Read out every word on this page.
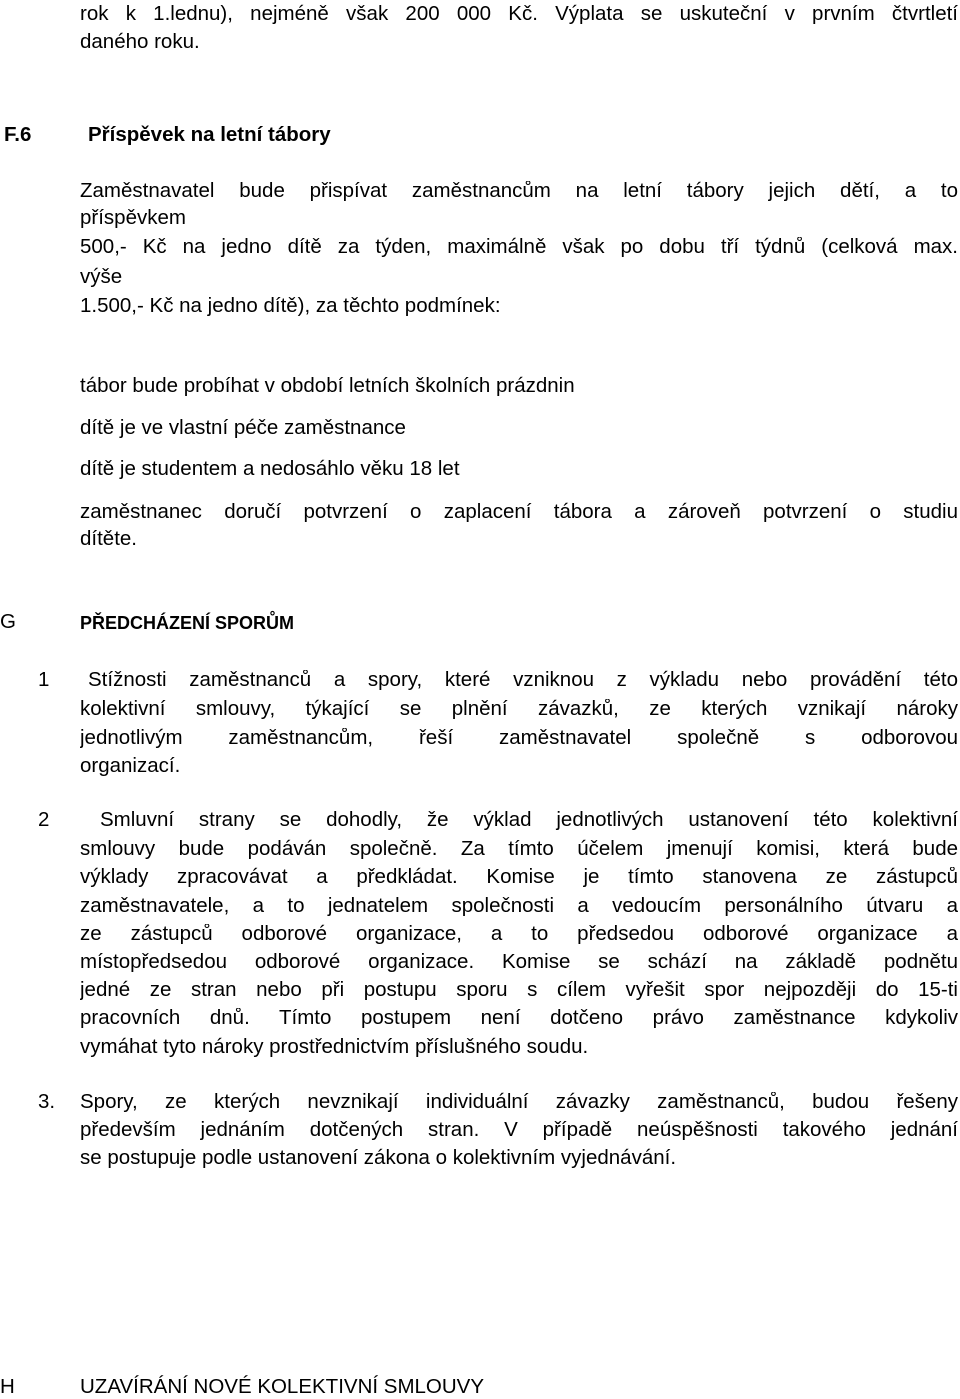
rok k 1.lednu), nejméně však 200 000 Kč. Výplata se uskuteční v prvním čtvrtletí
daného roku.
F.6	Příspěvek na letní tábory
Zaměstnavatel bude přispívat zaměstnancům na letní tábory jejich dětí, a to
příspěvkem
500,- Kč na jedno dítě za týden, maximálně však po dobu tří týdnů (celková max.
výše
1.500,- Kč na jedno dítě), za těchto podmínek:
tábor bude probíhat v období letních školních prázdnin
dítě je ve vlastní péče zaměstnance
dítě je studentem a nedosáhlo věku 18 let
zaměstnanec doručí potvrzení o zaplacení tábora a zároveň potvrzení o studiu
dítěte.
G	PŘEDCHÁZENÍ SPORŮM
1 Stížnosti zaměstnanců a spory, které vzniknou z výkladu nebo provádění této
kolektivní smlouvy, týkající se plnění závazků, ze kterých vznikají nároky
jednotlivým zaměstnancům, řeší zaměstnavatel společně s odborovou
organizací.
2 Smluvní strany se dohodly, že výklad jednotlivých ustanovení této kolektivní
smlouvy bude podáván společně. Za tímto účelem jmenují komisi, která bude
výklady zpracovávat a předkládat. Komise je tímto stanovena ze zástupců
zaměstnavatele, a to jednatelem společnosti a vedoucím personálního útvaru a
ze zástupců odborové organizace, a to předsedou odborové organizace a
místopředsedou odborové organizace. Komise se schází na základě podnětu
jedné ze stran nebo při postupu sporu s cílem vyřešit spor nejpozději do 15-ti
pracovních dnů. Tímto postupem není dotčeno právo zaměstnance kdykoliv
vymáhat tyto nároky prostřednictvím příslušného soudu.
3. Spory, ze kterých nevznikají individuální závazky zaměstnanců, budou řešeny
především jednáním dotčených stran. V případě neúspěšnosti takového jednání
se postupuje podle ustanovení zákona o kolektivním vyjednávání.
H	UZAVÍRÁNÍ NOVÉ KOLEKTIVNÍ SMLOUVY
